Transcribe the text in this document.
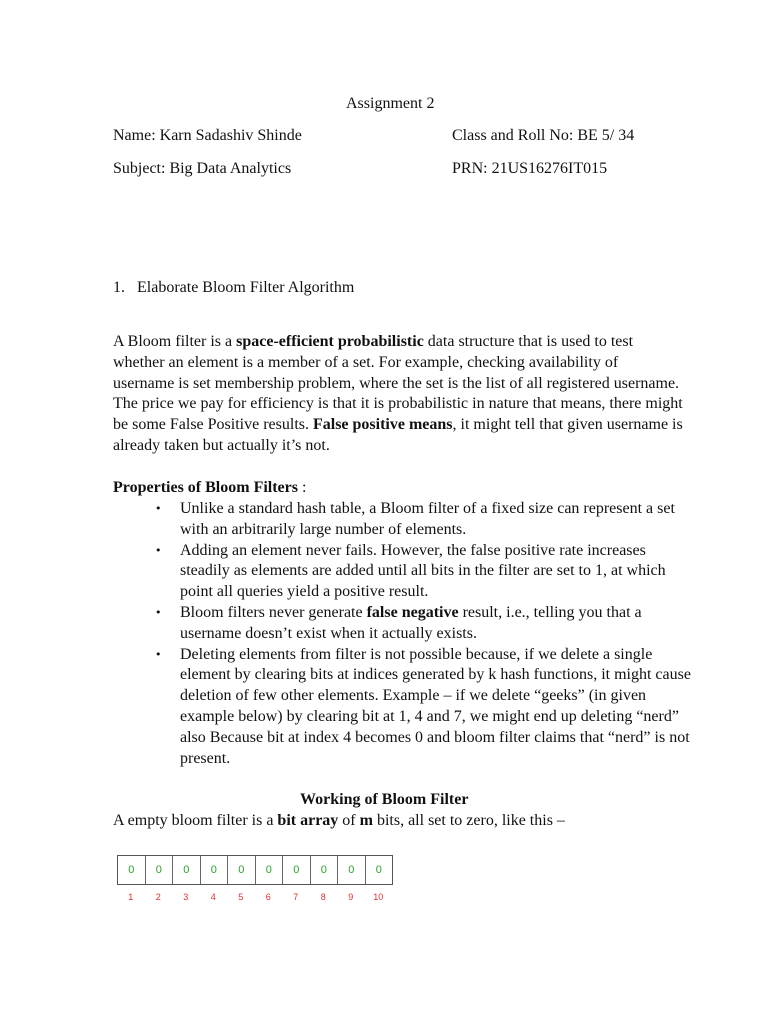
Assignment 2
Name: Karn Sadashiv Shinde	Class and Roll No: BE 5/ 34
Subject: Big Data Analytics	PRN: 21US16276IT015
1. Elaborate Bloom Filter Algorithm

A Bloom filter is a space-efficient probabilistic data structure that is used to test whether an element is a member of a set. For example, checking availability of username is set membership problem, where the set is the list of all registered username. The price we pay for efficiency is that it is probabilistic in nature that means, there might be some False Positive results. False positive means, it might tell that given username is already taken but actually it’s not.

Properties of Bloom Filters :
• Unlike a standard hash table, a Bloom filter of a fixed size can represent a set with an arbitrarily large number of elements.
• Adding an element never fails. However, the false positive rate increases steadily as elements are added until all bits in the filter are set to 1, at which point all queries yield a positive result.
• Bloom filters never generate false negative result, i.e., telling you that a username doesn’t exist when it actually exists.
• Deleting elements from filter is not possible because, if we delete a single element by clearing bits at indices generated by k hash functions, it might cause deletion of few other elements. Example – if we delete “geeks” (in given example below) by clearing bit at 1, 4 and 7, we might end up deleting “nerd” also Because bit at index 4 becomes 0 and bloom filter claims that “nerd” is not present.
Working of Bloom Filter
A empty bloom filter is a bit array of m bits, all set to zero, like this –
0	0	0	0	0	0	0	0	0	0
1	2	3	4	5	6	7	8	9	10
